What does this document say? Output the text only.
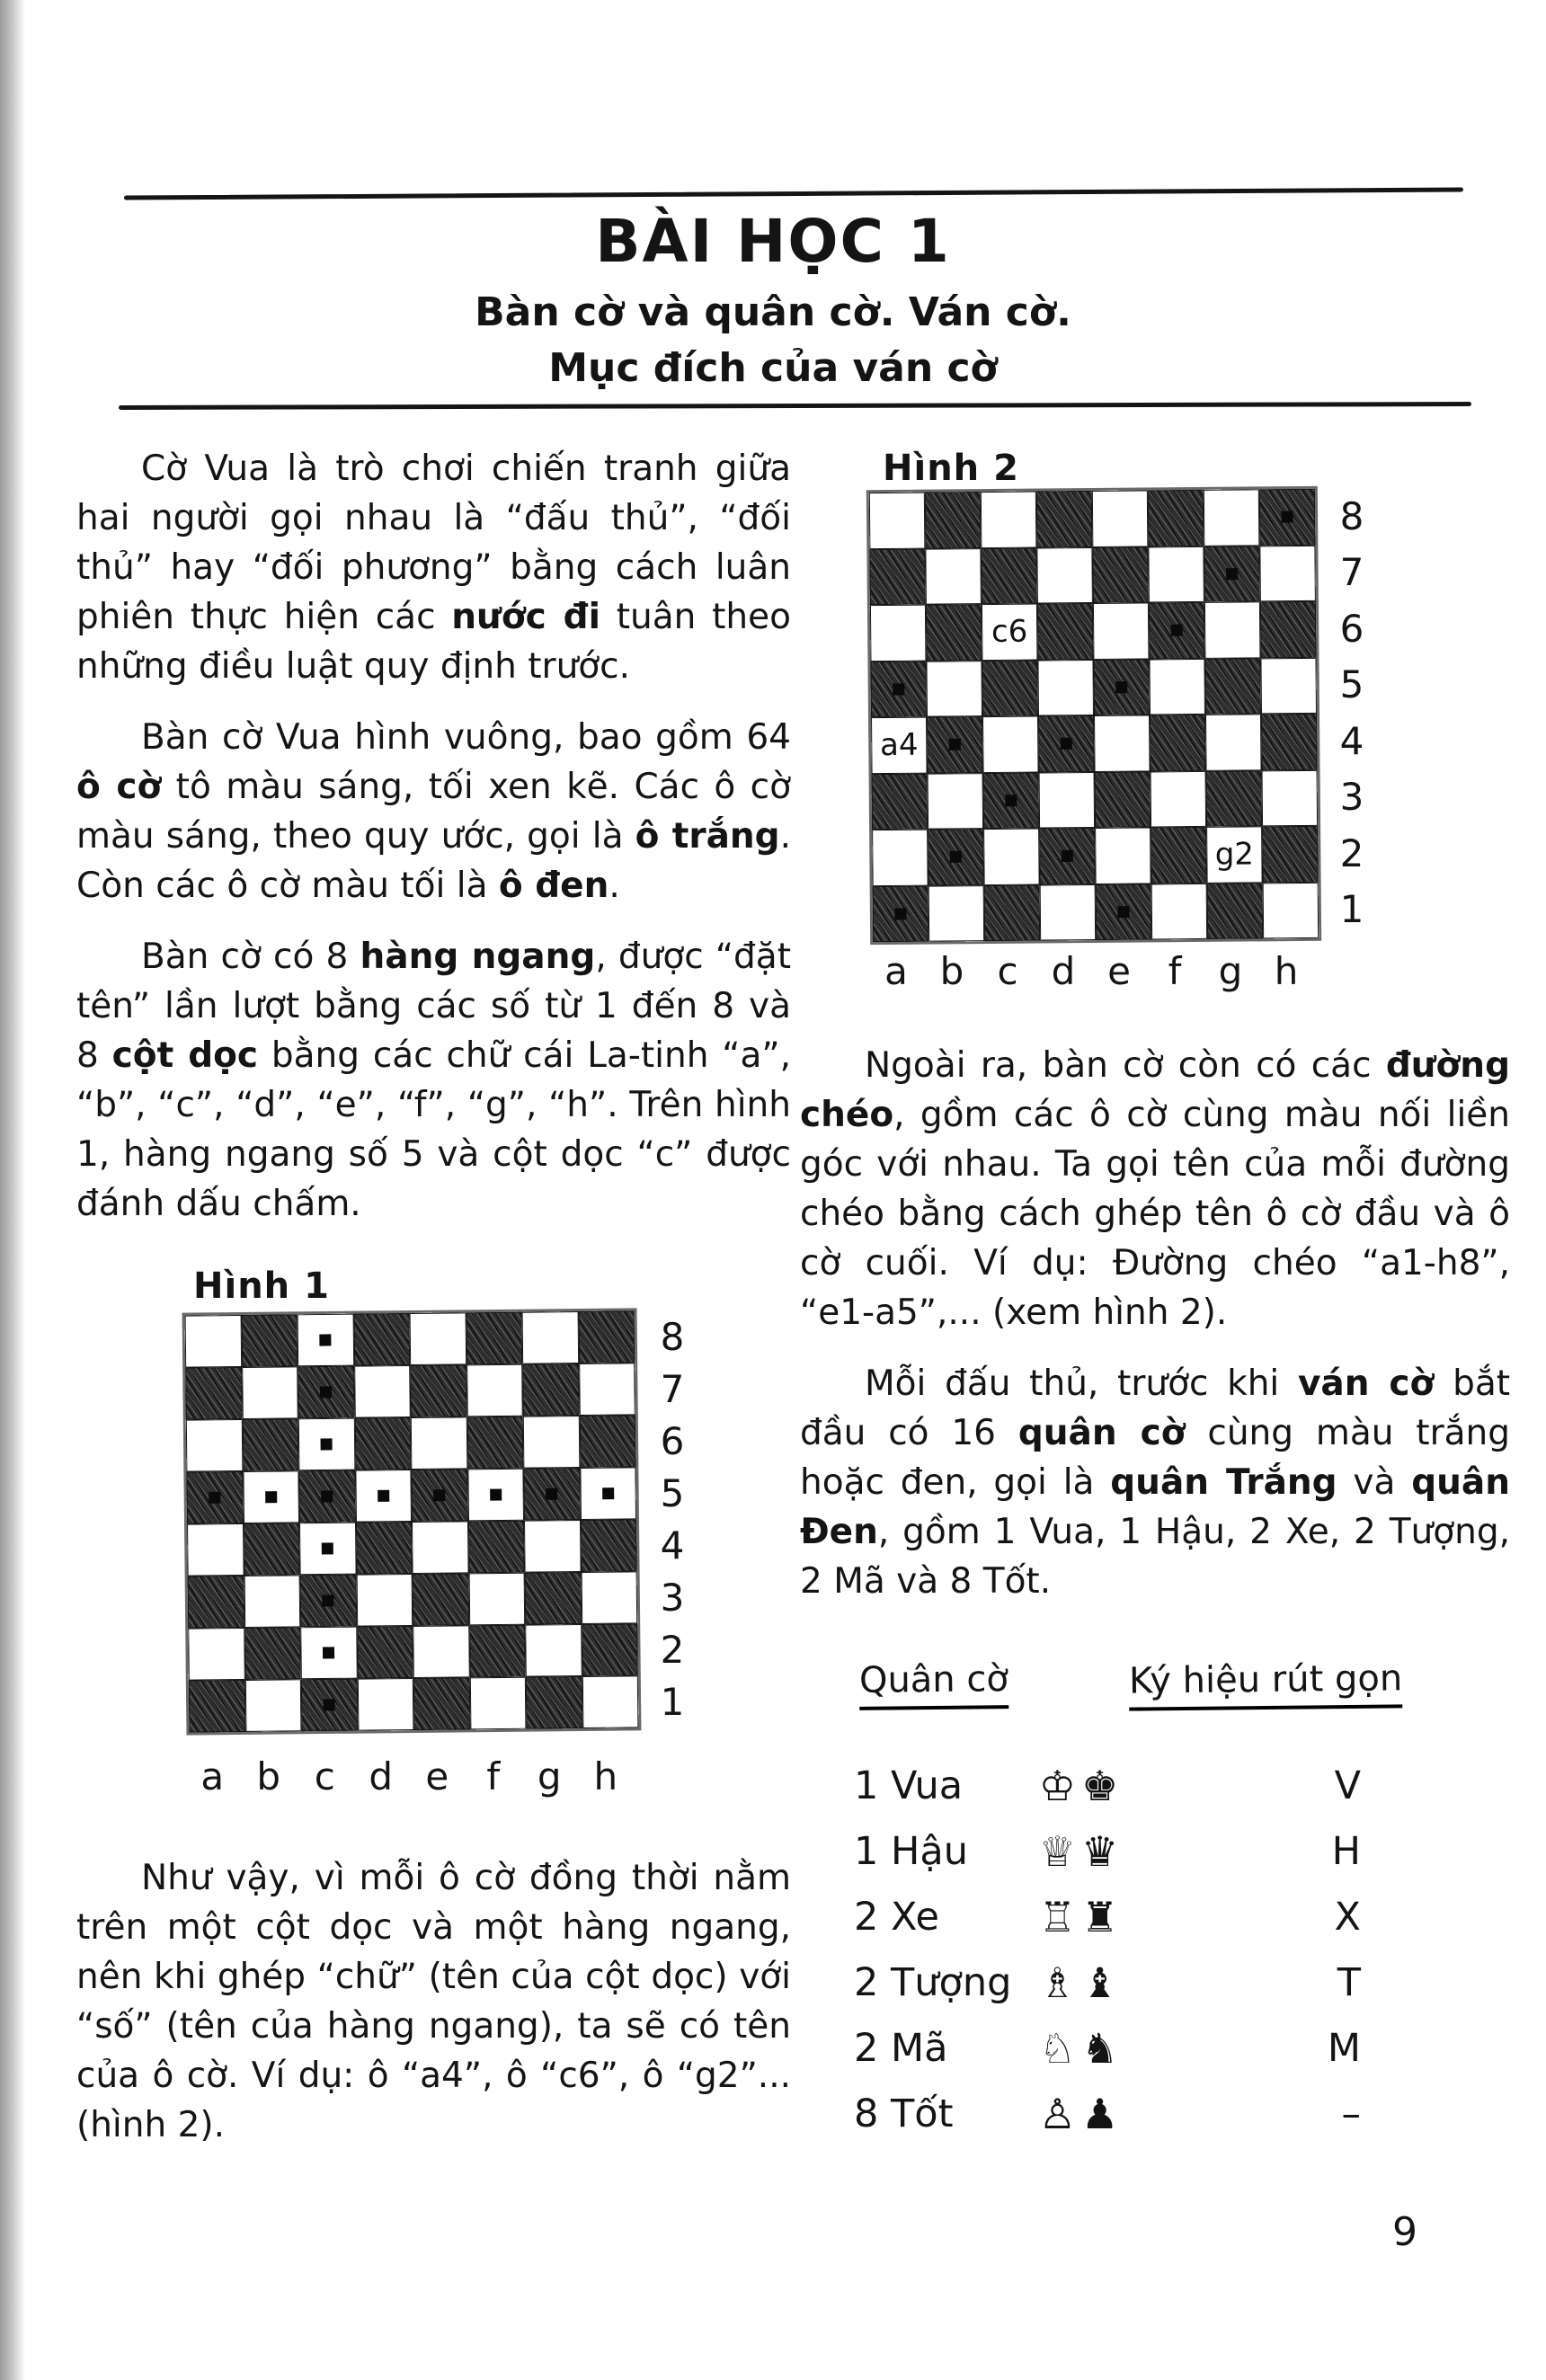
BÀI HỌC 1
Bàn cờ và quân cờ. Ván cờ.
Mục đích của ván cờ

Cờ Vua là trò chơi chiến tranh giữa hai người gọi nhau là “đấu thủ”, “đối thủ” hay “đối phương” bằng cách luân phiên thực hiện các nước đi tuân theo những điều luật quy định trước.

Bàn cờ Vua hình vuông, bao gồm 64 ô cờ tô màu sáng, tối xen kẽ. Các ô cờ màu sáng, theo quy ước, gọi là ô trắng. Còn các ô cờ màu tối là ô đen.

Bàn cờ có 8 hàng ngang, được “đặt tên” lần lượt bằng các số từ 1 đến 8 và 8 cột dọc bằng các chữ cái La-tinh “a”, “b”, “c”, “d”, “e”, “f”, “g”, “h”. Trên hình 1, hàng ngang số 5 và cột dọc “c” được đánh dấu chấm.

Hình 1
8
7
6
5
4
3
2
1
a b c d e	f g h

Như vậy, vì mỗi ô cờ đồng thời nằm trên một cột dọc và một hàng ngang, nên khi ghép “chữ” (tên của cột dọc) với “số” (tên của hàng ngang), ta sẽ có tên của ô cờ. Ví dụ: ô “a4”, ô “c6”, ô “g2”... (hình 2).

Hình 2
c6
a4
g2
8
7
6
5
4
3
2
1
a b c d e f g h

Ngoài ra, bàn cờ còn có các đường chéo, gồm các ô cờ cùng màu nối liền góc với nhau. Ta gọi tên của mỗi đường chéo bằng cách ghép tên ô cờ đầu và ô cờ cuối. Ví dụ: Đường chéo “a1-h8”, “e1-a5”,... (xem hình 2).

Mỗi đấu thủ, trước khi ván cờ bắt đầu có 16 quân cờ cùng màu trắng hoặc đen, gọi là quân Trắng và quân Đen, gồm 1 Vua, 1 Hậu, 2 Xe, 2 Tượng, 2 Mã và 8 Tốt.

Quân cờ	Ký hiệu rút gọn
1 Vua	♔ ♚	V
1 Hậu	♕ ♛	H
2 Xe	♖ ♜	X
2 Tượng ♗ ♝	T
2 Mã	♘ ♞	M
8 Tốt	♙ ♟	–
9
